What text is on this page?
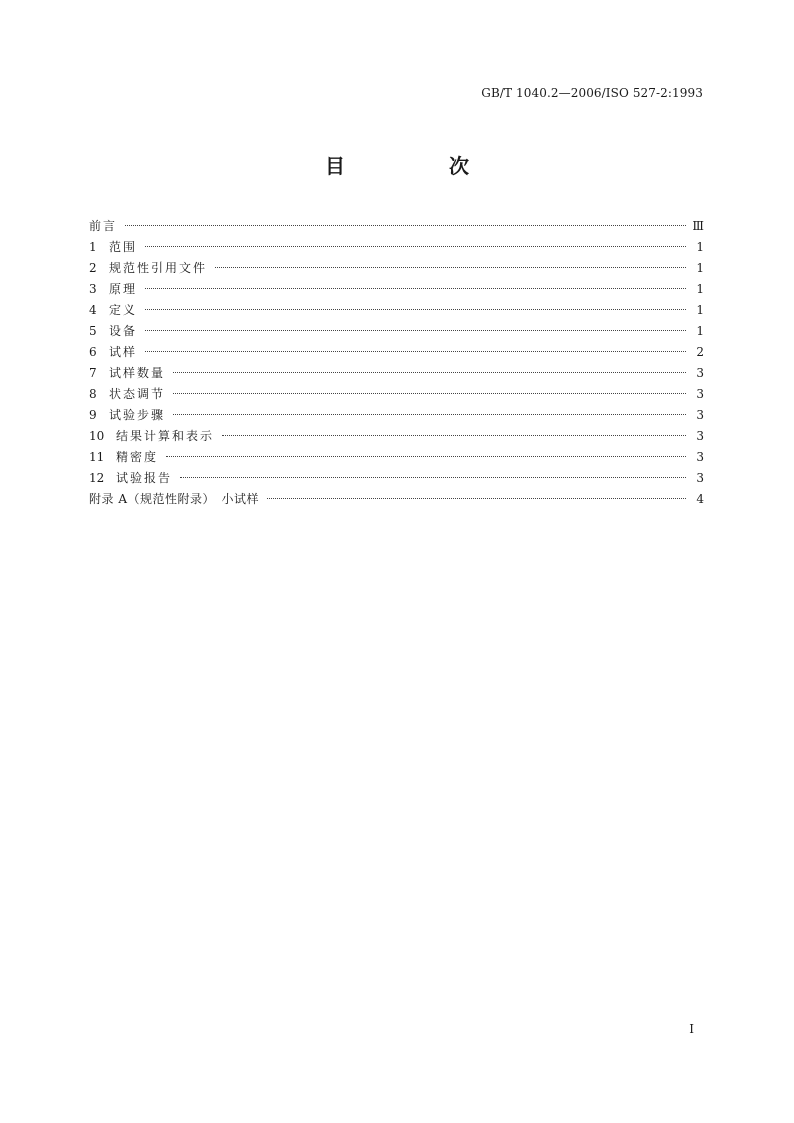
GB/T 1040.2—2006/ISO 527-2:1993
目　次
前言	Ⅲ
1	范围	1
2	规范性引用文件	1
3	原理	1
4	定义	1
5	设备	1
6	试样	2
7	试样数量	3
8	状态调节	3
9	试验步骤	3
10 结果计算和表示	3
11 精密度	3
12 试验报告	3
附录 A（规范性附录）　小试样	4
Ⅰ
